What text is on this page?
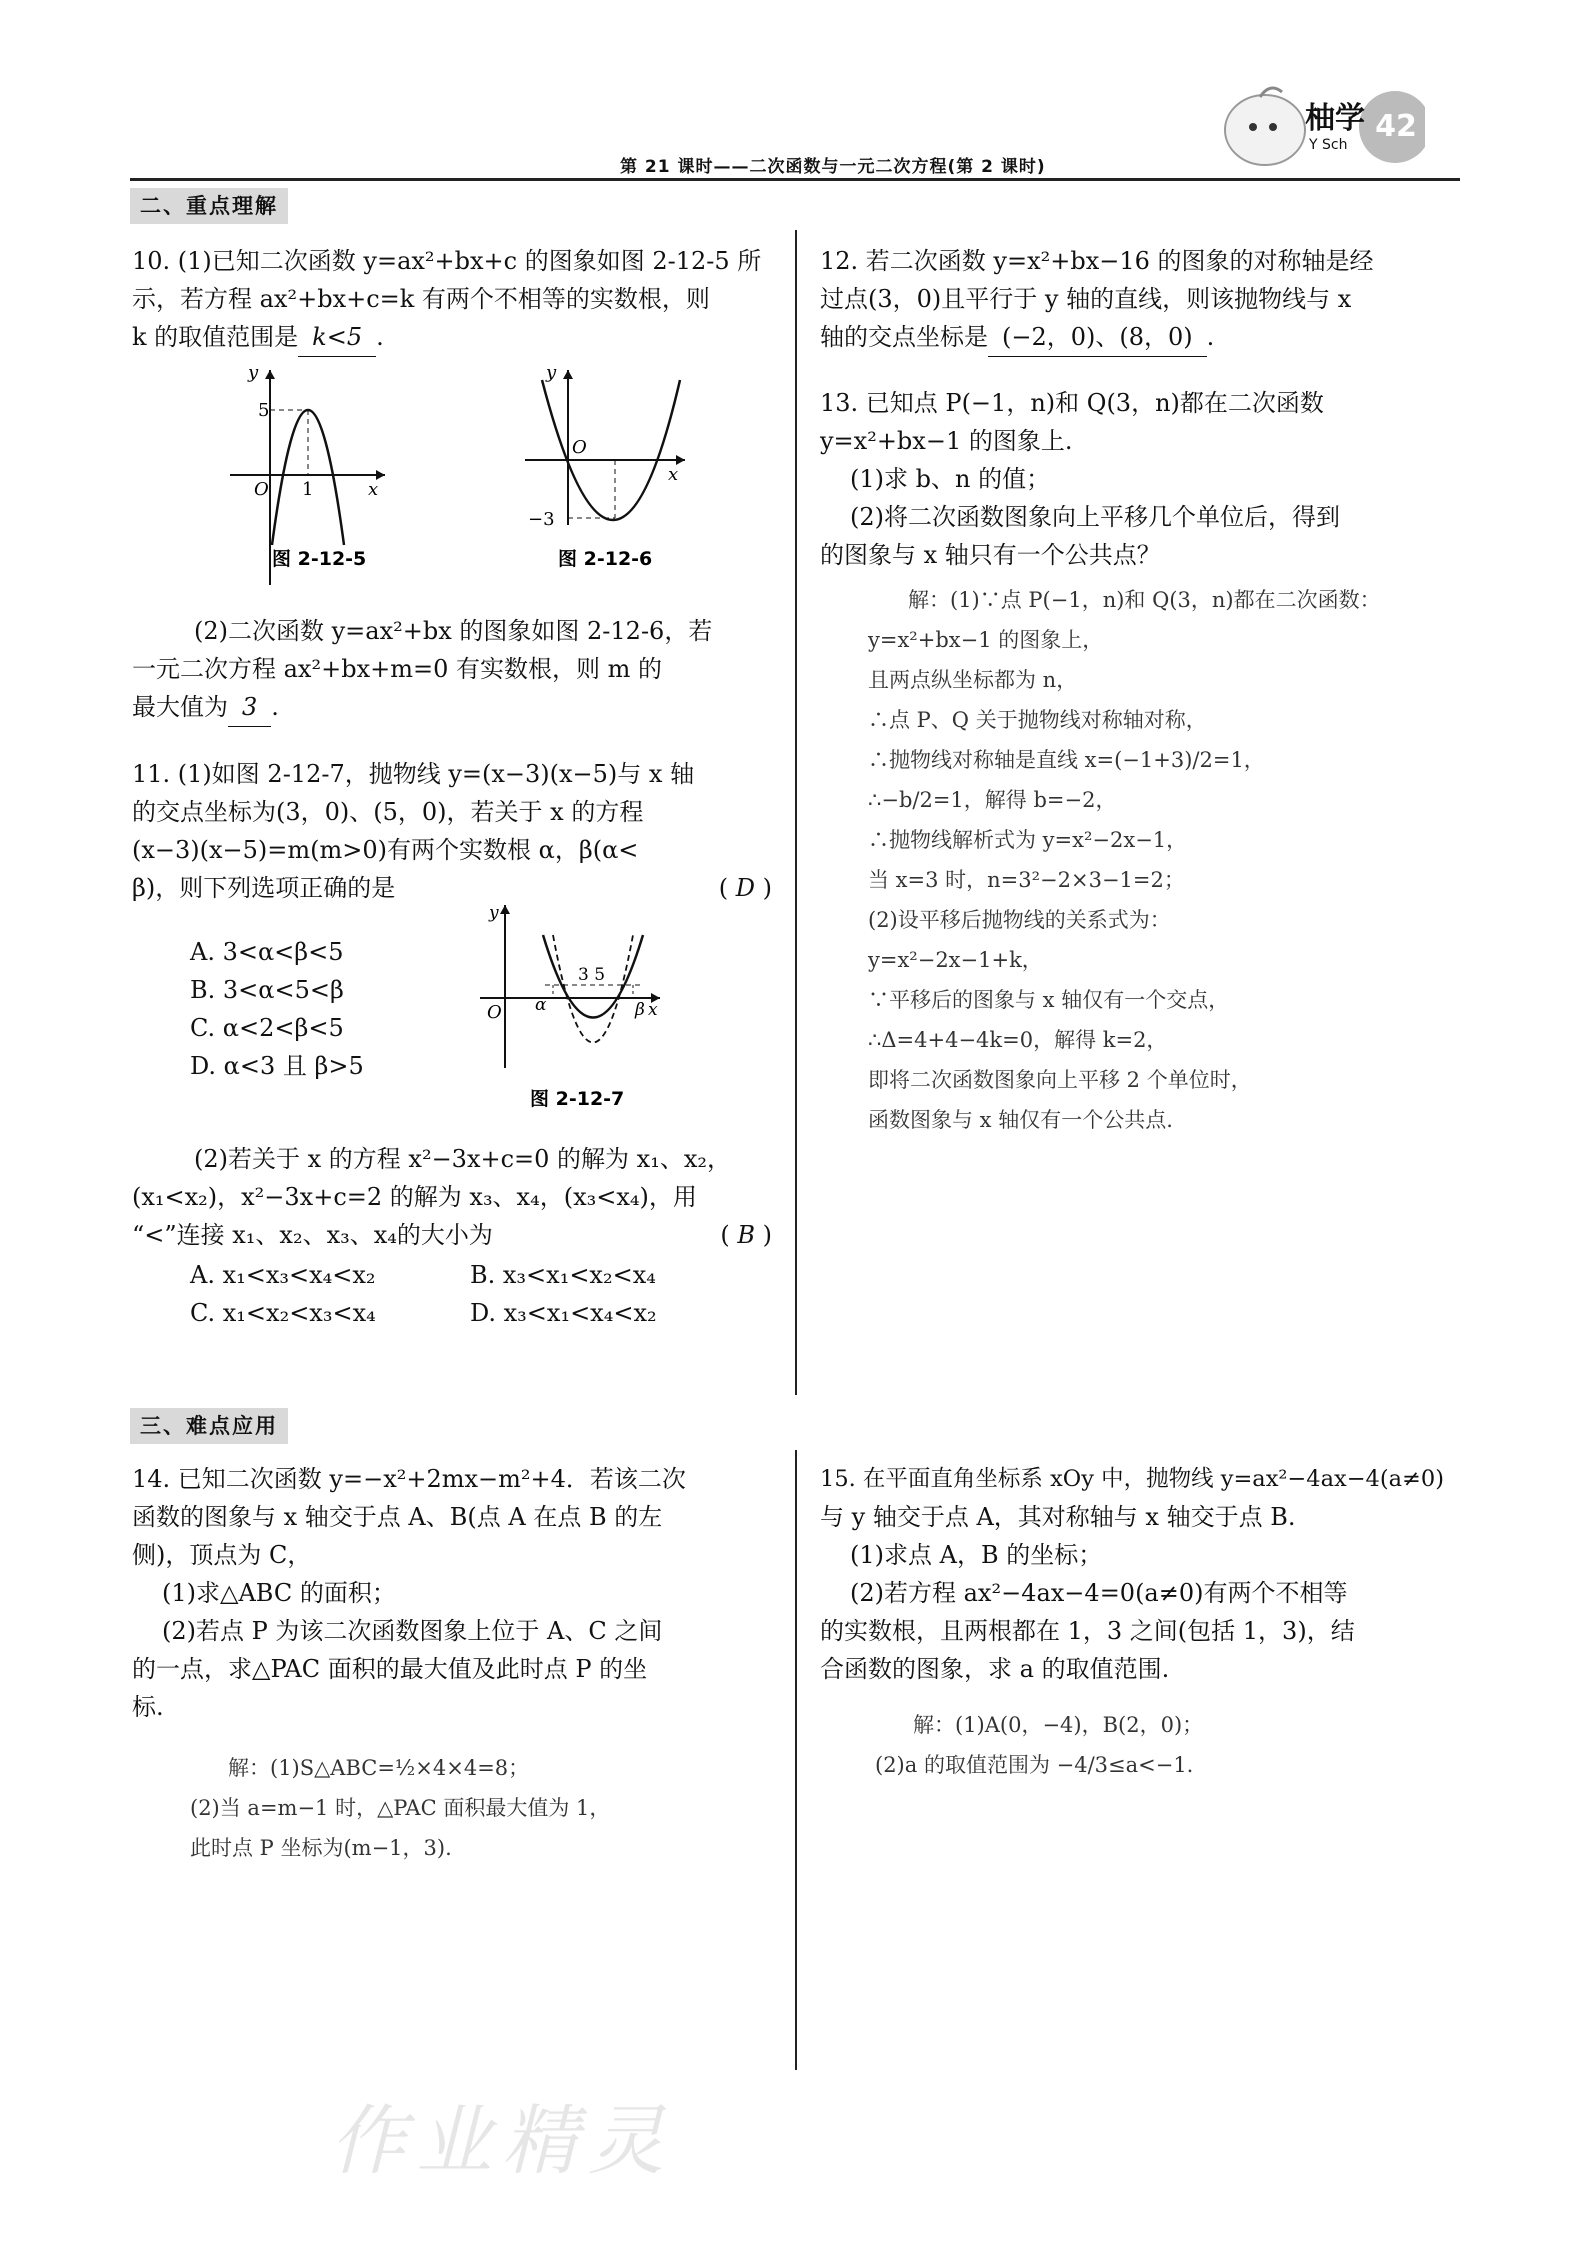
柚学
Y Sch
42
第 21 课时——二次函数与一元二次方程(第 2 课时)
二、重点理解

10. (1)已知二次函数 y=ax²+bx+c 的图象如图 2-12-5 所

示，若方程 ax²+bx+c=k 有两个不相等的实数根，则

k 的取值范围是 k<5 .

5
O 1	x
y
图 2-12-5
O
−3
x
y
图 2-12-6

(2)二次函数 y=ax²+bx 的图象如图 2-12-6，若

一元二次方程 ax²+bx+m=0 有实数根，则 m 的

最大值为 3 .

11. (1)如图 2-12-7，抛物线 y=(x−3)(x−5)与 x 轴

的交点坐标为(3，0)、(5，0)，若关于 x 的方程

(x−3)(x−5)=m(m>0)有两个实数根 α，β(α<

β)，则下列选项正确的是	( D )

A. 3<α<β<5

B. 3<α<5<β

C. α<2<β<5

D. α<3 且 β>5

O
3 5
α	β x
y
图 2-12-7

(2)若关于 x 的方程 x²−3x+c=0 的解为 x₁、x₂，

(x₁<x₂)，x²−3x+c=2 的解为 x₃、x₄，(x₃<x₄)，用

“<”连接 x₁、x₂、x₃、x₄的大小为	( B )

A. x₁<x₃<x₄<x₂	B. x₃<x₁<x₂<x₄

C. x₁<x₂<x₃<x₄	D. x₃<x₁<x₄<x₂

12. 若二次函数 y=x²+bx−16 的图象的对称轴是经

过点(3，0)且平行于 y 轴的直线，则该抛物线与 x

轴的交点坐标是 (−2，0)、(8，0) .

13. 已知点 P(−1，n)和 Q(3，n)都在二次函数

y=x²+bx−1 的图象上.

(1)求 b、n 的值；

(2)将二次函数图象向上平移几个单位后，得到

的图象与 x 轴只有一个公共点？

解：(1)∵点 P(−1，n)和 Q(3，n)都在二次函数：

y=x²+bx−1 的图象上，

且两点纵坐标都为 n，

∴点 P、Q 关于抛物线对称轴对称，

∴抛物线对称轴是直线 x=(−1+3)/2=1，

∴−b/2=1，解得 b=−2，

∴抛物线解析式为 y=x²−2x−1，

当 x=3 时，n=3²−2×3−1=2；

(2)设平移后抛物线的关系式为：

y=x²−2x−1+k，

∵平移后的图象与 x 轴仅有一个交点，

∴Δ=4+4−4k=0，解得 k=2，

即将二次函数图象向上平移 2 个单位时，

函数图象与 x 轴仅有一个公共点.

三、难点应用

14. 已知二次函数 y=−x²+2mx−m²+4．若该二次

函数的图象与 x 轴交于点 A、B(点 A 在点 B 的左

侧)，顶点为 C，

(1)求△ABC 的面积；

(2)若点 P 为该二次函数图象上位于 A、C 之间

的一点，求△PAC 面积的最大值及此时点 P 的坐

标.

解：(1)S△ABC=½×4×4=8；

(2)当 a=m−1 时，△PAC 面积最大值为 1，

此时点 P 坐标为(m−1，3).

15. 在平面直角坐标系 xOy 中，抛物线 y=ax²−4ax−4(a≠0)

与 y 轴交于点 A，其对称轴与 x 轴交于点 B.

(1)求点 A，B 的坐标；

(2)若方程 ax²−4ax−4=0(a≠0)有两个不相等

的实数根，且两根都在 1，3 之间(包括 1，3)，结

合函数的图象，求 a 的取值范围.

解：(1)A(0，−4)，B(2，0)；

(2)a 的取值范围为 −4/3≤a<−1.

作业精灵
